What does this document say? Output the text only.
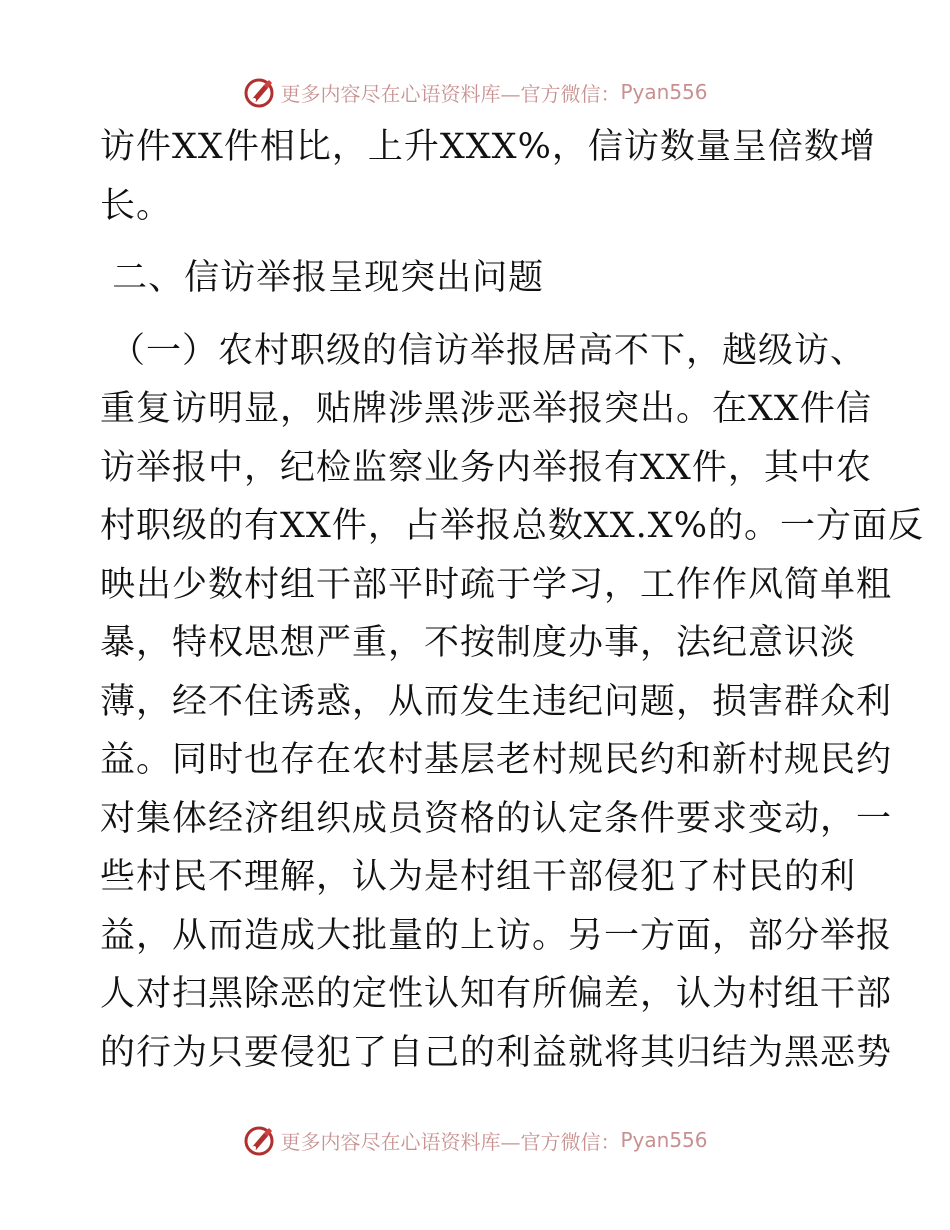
更多内容尽在心语资料库—官方微信： Pyan556
访件XX件相比，上升XXX%，信访数量呈倍数增
长。
二、信访举报呈现突出问题
（一）农村职级的信访举报居高不下，越级访、
重复访明显，贴牌涉黑涉恶举报突出。在XX件信
访举报中，纪检监察业务内举报有XX件，其中农
村职级的有XX件，占举报总数XX.X%的。一方面反
映出少数村组干部平时疏于学习，工作作风简单粗
暴，特权思想严重，不按制度办事，法纪意识淡
薄，经不住诱惑，从而发生违纪问题，损害群众利
益。同时也存在农村基层老村规民约和新村规民约
对集体经济组织成员资格的认定条件要求变动，一
些村民不理解，认为是村组干部侵犯了村民的利
益，从而造成大批量的上访。另一方面，部分举报
人对扫黑除恶的定性认知有所偏差，认为村组干部
的行为只要侵犯了自己的利益就将其归结为黑恶势
更多内容尽在心语资料库—官方微信： Pyan556
